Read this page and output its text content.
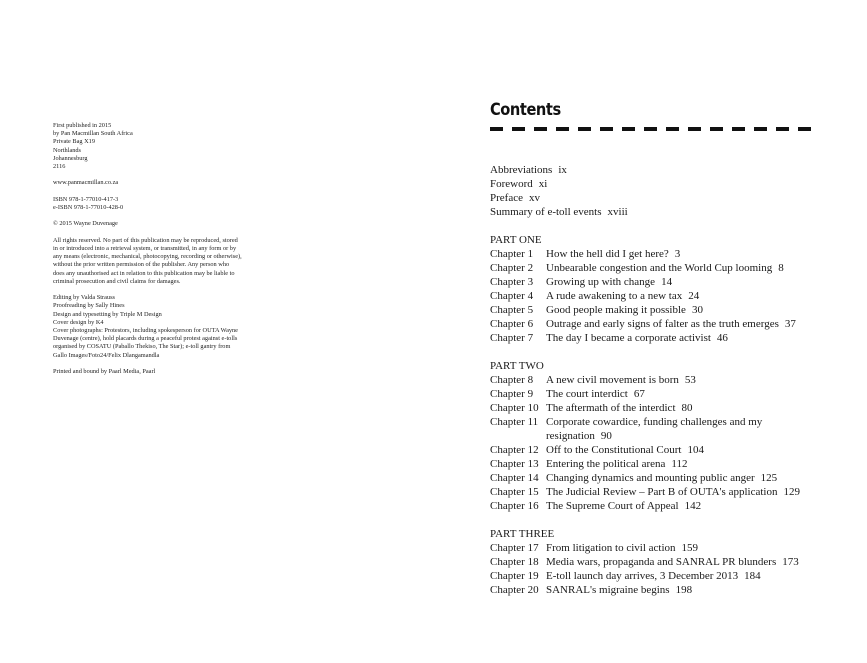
First published in 2015
by Pan Macmillan South Africa
Private Bag X19
Northlands
Johannesburg
2116

www.panmacmillan.co.za

ISBN 978-1-77010-417-3
e-ISBN 978-1-77010-428-0

© 2015 Wayne Duvenage

All rights reserved. No part of this publication may be reproduced, stored
in or introduced into a retrieval system, or transmitted, in any form or by
any means (electronic, mechanical, photocopying, recording or otherwise),
without the prior written permission of the publisher. Any person who
does any unauthorised act in relation to this publication may be liable to
criminal prosecution and civil claims for damages.

Editing by Valda Strauss
Proofreading by Sally Hines
Design and typesetting by Triple M Design
Cover design by K4
Cover photographs: Protestors, including spokesperson for OUTA Wayne
Duvenage (centre), hold placards during a peaceful protest against e-tolls
organised by COSATU (Paballo Thekiso, The Star); e-toll gantry from
Gallo Images/Foto24/Felix Dlangamandla

Printed and bound by Paarl Media, Paarl

Contents
Abbreviations ix
Foreword xi
Preface xv
Summary of e-toll events xviii
PART ONE
Chapter 1	How the hell did I get here? 3
Chapter 2	Unbearable congestion and the World Cup looming 8
Chapter 3	Growing up with change 14
Chapter 4	A rude awakening to a new tax 24
Chapter 5	Good people making it possible 30
Chapter 6	Outrage and early signs of falter as the truth emerges 37
Chapter 7	The day I became a corporate activist 46
PART TWO
Chapter 8	A new civil movement is born 53
Chapter 9	The court interdict 67
Chapter 10 The aftermath of the interdict 80
Chapter 11 Corporate cowardice, funding challenges and my resignation 90
Chapter 12 Off to the Constitutional Court 104
Chapter 13 Entering the political arena 112
Chapter 14 Changing dynamics and mounting public anger 125
Chapter 15 The Judicial Review – Part B of OUTA's application 129
Chapter 16 The Supreme Court of Appeal 142
PART THREE
Chapter 17 From litigation to civil action 159
Chapter 18 Media wars, propaganda and SANRAL PR blunders 173
Chapter 19 E-toll launch day arrives, 3 December 2013 184
Chapter 20 SANRAL's migraine begins 198
